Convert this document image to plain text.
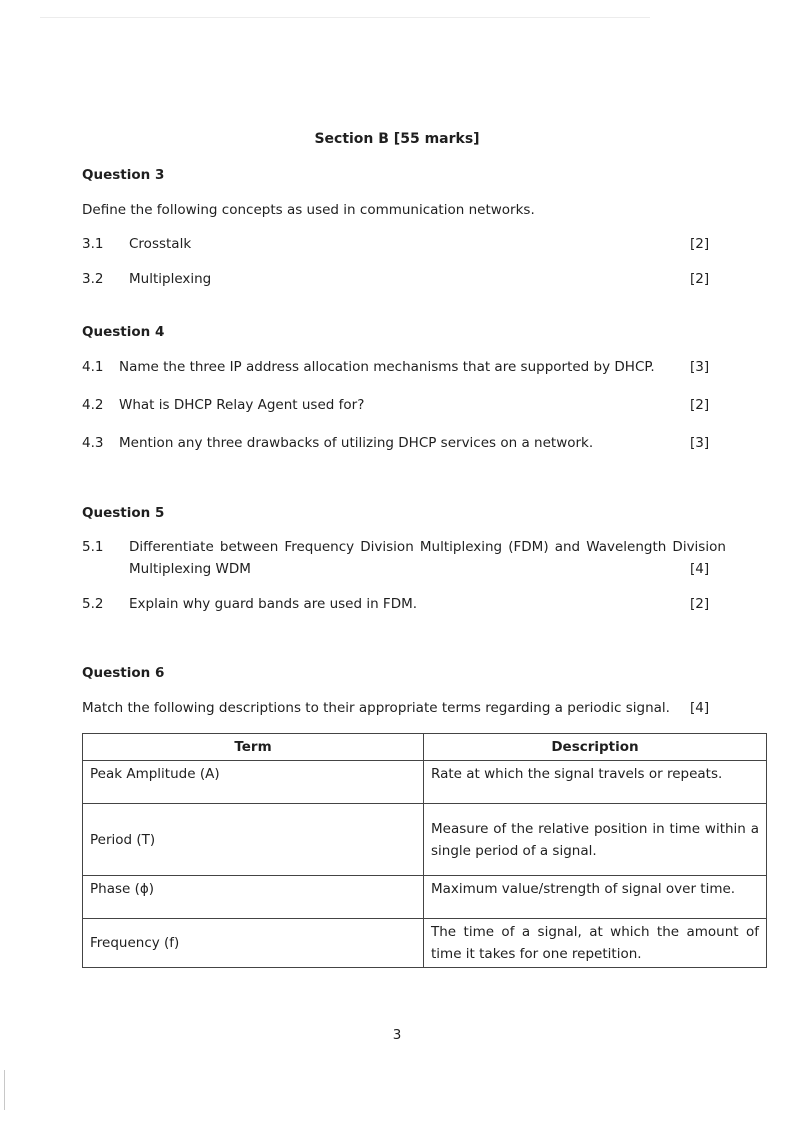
Section B [55 marks]
Question 3
Define the following concepts as used in communication networks.
3.1 Crosstalk	[2]
3.2 Multiplexing	[2]
Question 4
4.1 Name the three IP address allocation mechanisms that are supported by DHCP.	[3]
4.2 What is DHCP Relay Agent used for?	[2]
4.3 Mention any three drawbacks of utilizing DHCP services on a network.	[3]
Question 5
5.1 Differentiate between Frequency Division Multiplexing (FDM) and Wavelength Division
Multiplexing WDM	[4]
5.2 Explain why guard bands are used in FDM.	[2]
Question 6
Match the following descriptions to their appropriate terms regarding a periodic signal. [4]
Term	Description
Peak Amplitude (A)	Rate at which the signal travels or repeats.
Period (T)	Measure of the relative position in time within a single period of a signal.
Phase (ϕ)	Maximum value/strength of signal over time.
Frequency (f)	The time of a signal, at which the amount of time it takes for one repetition.
3
